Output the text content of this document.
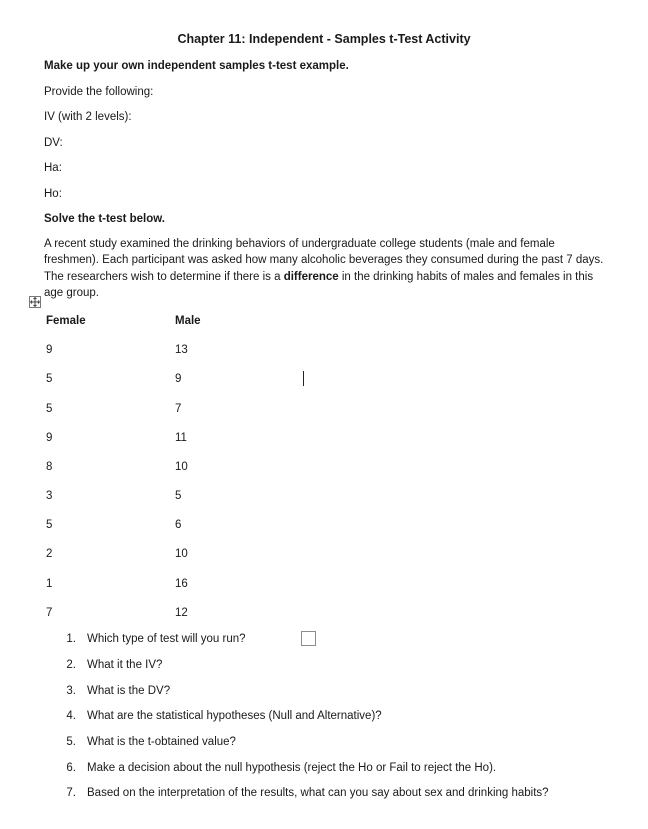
Chapter 11: Independent - Samples t-Test Activity
Make up your own independent samples t-test example.
Provide the following:
IV (with 2 levels):
DV:
Ha:
Ho:
Solve the t-test below.
A recent study examined the drinking behaviors of undergraduate college students (male and female freshmen). Each participant was asked how many alcoholic beverages they consumed during the past 7 days. The researchers wish to determine if there is a difference in the drinking habits of males and females in this age group.
Female	Male
9	13
5	9
5	7
9	11
8	10
3	5
5	6
2	10
1	16
7	12
1. Which type of test will you run?
2. What it the IV?
3. What is the DV?
4. What are the statistical hypotheses (Null and Alternative)?
5. What is the t-obtained value?
6. Make a decision about the null hypothesis (reject the Ho or Fail to reject the Ho).
7. Based on the interpretation of the results, what can you say about sex and drinking habits?
